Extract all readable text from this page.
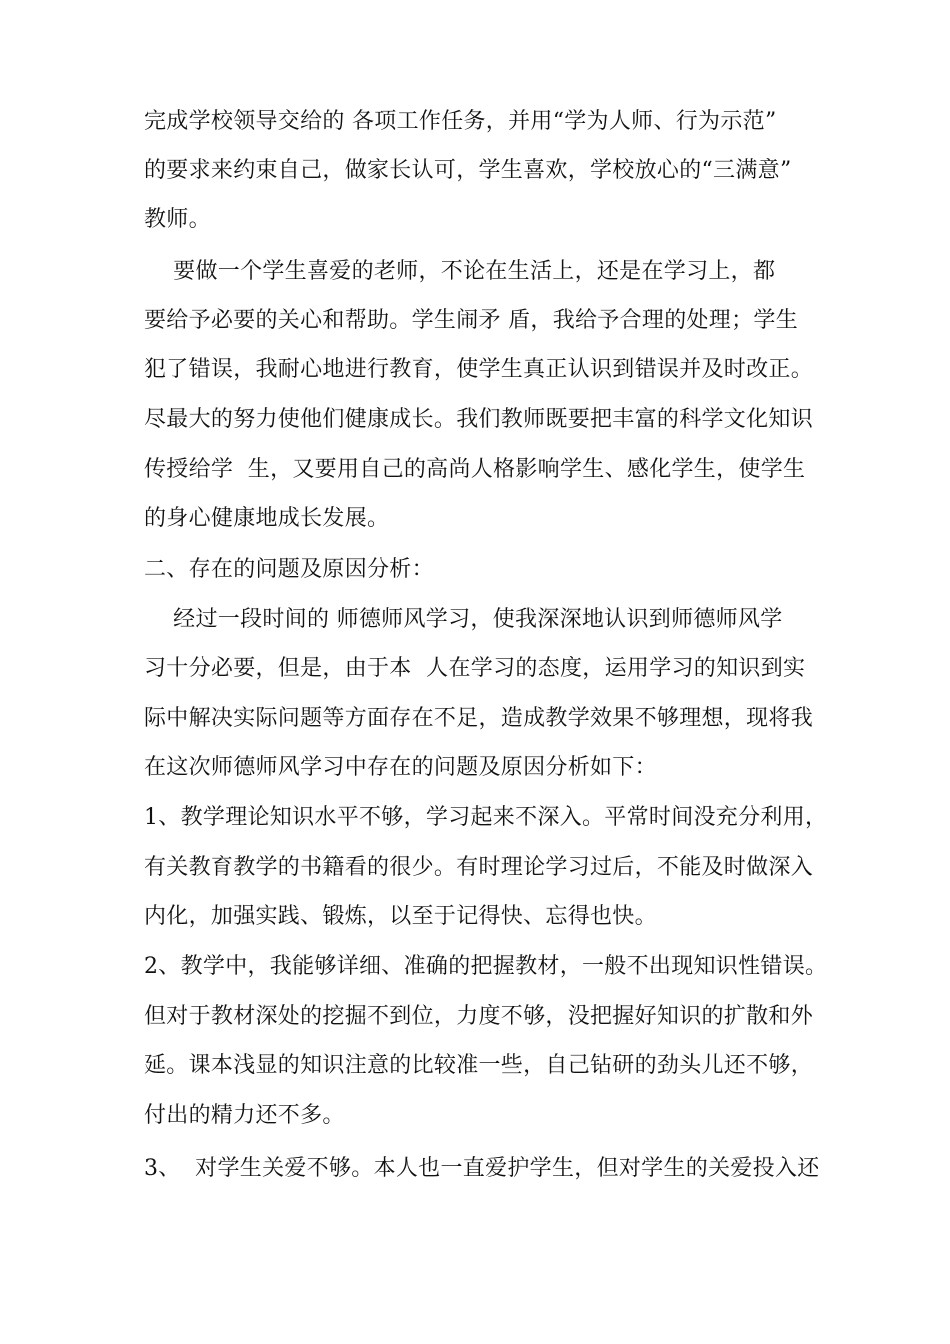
完成学校领导交给的 各项工作任务，并用“学为人师、行为示范”
的要求来约束自己，做家长认可，学生喜欢，学校放心的“三满意”
教师。
要做一个学生喜爱的老师，不论在生活上，还是在学习上，都
要给予必要的关心和帮助。学生闹矛 盾，我给予合理的处理；学生
犯了错误，我耐心地进行教育，使学生真正认识到错误并及时改正。
尽最大的努力使他们健康成长。我们教师既要把丰富的科学文化知识
传授给学  生，又要用自己的高尚人格影响学生、感化学生，使学生
的身心健康地成长发展。
二、存在的问题及原因分析：
经过一段时间的 师德师风学习，使我深深地认识到师德师风学
习十分必要，但是，由于本  人在学习的态度，运用学习的知识到实
际中解决实际问题等方面存在不足，造成教学效果不够理想，现将我
在这次师德师风学习中存在的问题及原因分析如下：
1、教学理论知识水平不够，学习起来不深入。平常时间没充分利用，
有关教育教学的书籍看的很少。有时理论学习过后，不能及时做深入
内化，加强实践、锻炼，以至于记得快、忘得也快。
2、教学中，我能够详细、准确的把握教材，一般不出现知识性错误。
但对于教材深处的挖掘不到位，力度不够，没把握好知识的扩散和外
延。课本浅显的知识注意的比较准一些，自己钻研的劲头儿还不够，
付出的精力还不多。
3、  对学生关爱不够。本人也一直爱护学生，但对学生的关爱投入还
